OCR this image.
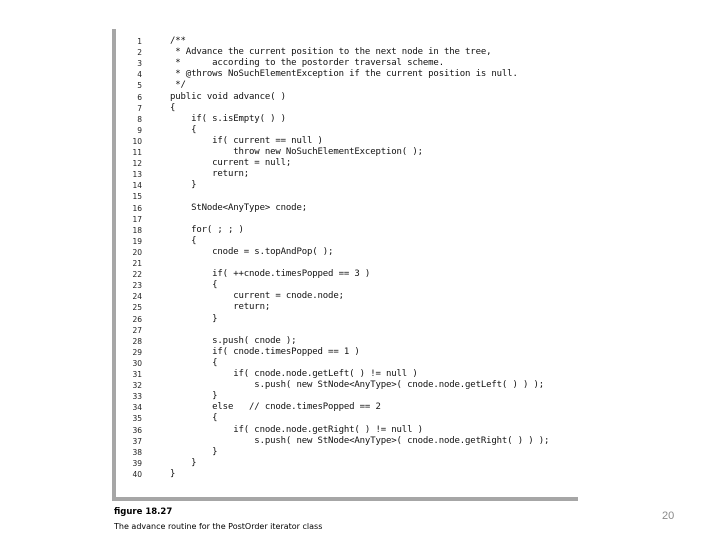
1	/**
2	* Advance the current position to the next node in the tree,
3	*      according to the postorder traversal scheme.
4	* @throws NoSuchElementException if the current position is null.
5	*/
6	public void advance( )
7	{
8	if( s.isEmpty( ) )
9	{
10	if( current == null )
11	throw new NoSuchElementException( );
12	current = null;
13	return;
14	}
15
16	StNode<AnyType> cnode;
17
18	for( ; ; )
19	{
20	cnode = s.topAndPop( );
21
22	if( ++cnode.timesPopped == 3 )
23	{
24	current = cnode.node;
25	return;
26	}
27
28	s.push( cnode );
29	if( cnode.timesPopped == 1 )
30	{
31	if( cnode.node.getLeft( ) != null )
32	s.push( new StNode<AnyType>( cnode.node.getLeft( ) ) );
33	}
34	else   // cnode.timesPopped == 2
35	{
36	if( cnode.node.getRight( ) != null )
37	s.push( new StNode<AnyType>( cnode.node.getRight( ) ) );
38	}
39	}
40	}
figure 18.27
The advance routine for the PostOrder iterator class
20
